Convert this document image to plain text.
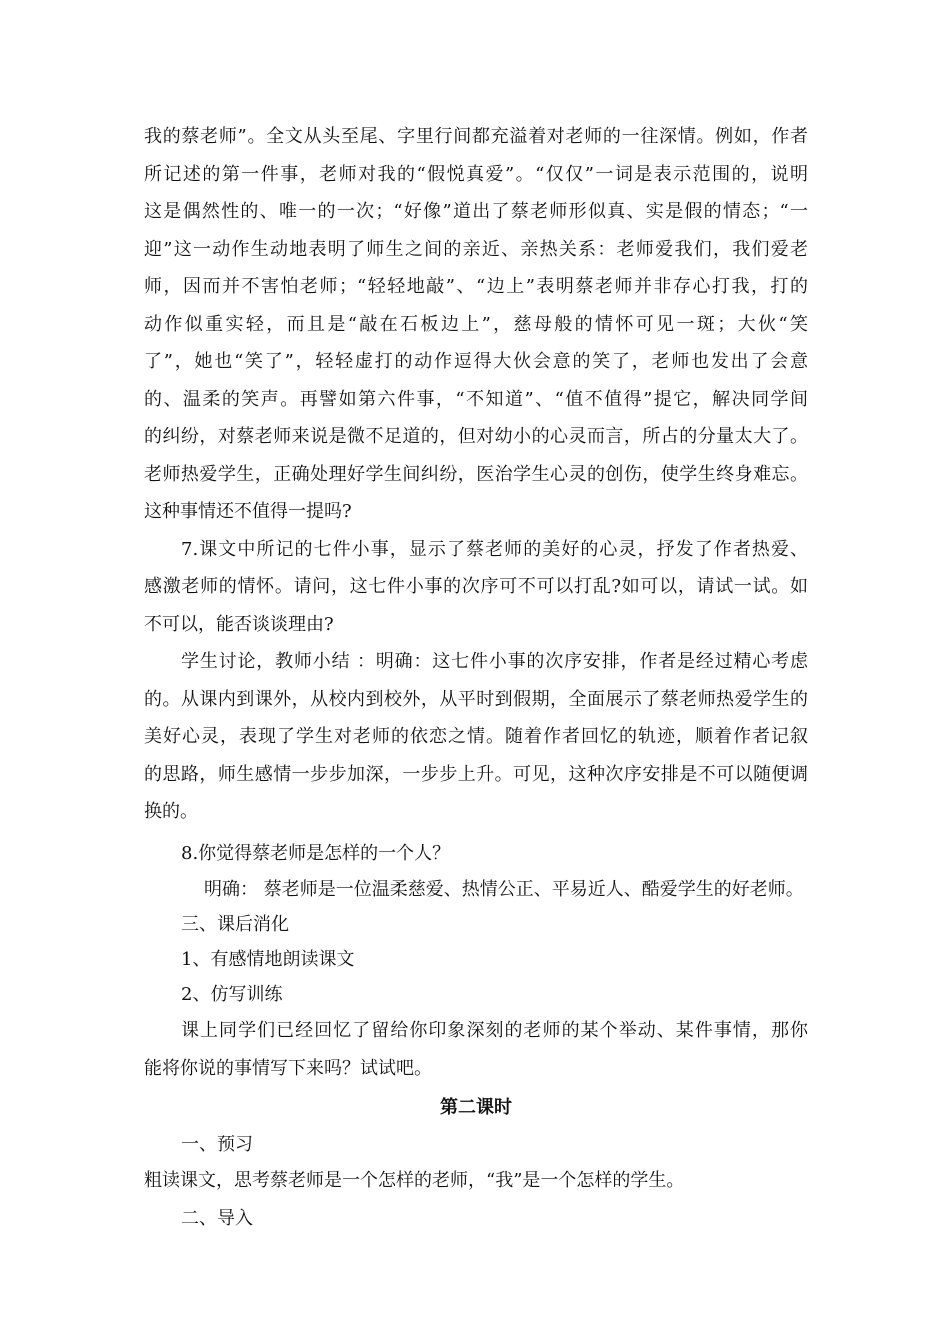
我的蔡老师”。全文从头至尾、字里行间都充溢着对老师的一往深情。例如，作者
所记述的第一件事，老师对我的“假悦真爱”。“仅仅”一词是表示范围的，说明
这是偶然性的、唯一的一次；“好像”道出了蔡老师形似真、实是假的情态；“一
迎”这一动作生动地表明了师生之间的亲近、亲热关系：老师爱我们，我们爱老
师，因而并不害怕老师；“轻轻地敲”、“边上”表明蔡老师并非存心打我，打的
动作似重实轻，而且是“敲在石板边上”，慈母般的情怀可见一斑；大伙“笑
了”，她也“笑了”，轻轻虚打的动作逗得大伙会意的笑了，老师也发出了会意
的、温柔的笑声。再譬如第六件事，“不知道”、“值不值得”提它，解决同学间
的纠纷，对蔡老师来说是微不足道的，但对幼小的心灵而言，所占的分量太大了。
老师热爱学生，正确处理好学生间纠纷，医治学生心灵的创伤，使学生终身难忘。
这种事情还不值得一提吗?
7.课文中所记的七件小事，显示了蔡老师的美好的心灵，抒发了作者热爱、
感激老师的情怀。请问，这七件小事的次序可不可以打乱?如可以，请试一试。如
不可以，能否谈谈理由?
学生讨论，教师小结 ：明确：这七件小事的次序安排，作者是经过精心考虑
的。从课内到课外，从校内到校外，从平时到假期，全面展示了蔡老师热爱学生的
美好心灵，表现了学生对老师的依恋之情。随着作者回忆的轨迹，顺着作者记叙
的思路，师生感情一步步加深，一步步上升。可见，这种次序安排是不可以随便调
换的。
8.你觉得蔡老师是怎样的一个人？
明确： 蔡老师是一位温柔慈爱、热情公正、平易近人、酷爱学生的好老师。
三、课后消化
1、有感情地朗读课文
2、仿写训练
课上同学们已经回忆了留给你印象深刻的老师的某个举动、某件事情，那你
能将你说的事情写下来吗？试试吧。
第二课时
一、预习
粗读课文，思考蔡老师是一个怎样的老师，“我”是一个怎样的学生。
二、导入
